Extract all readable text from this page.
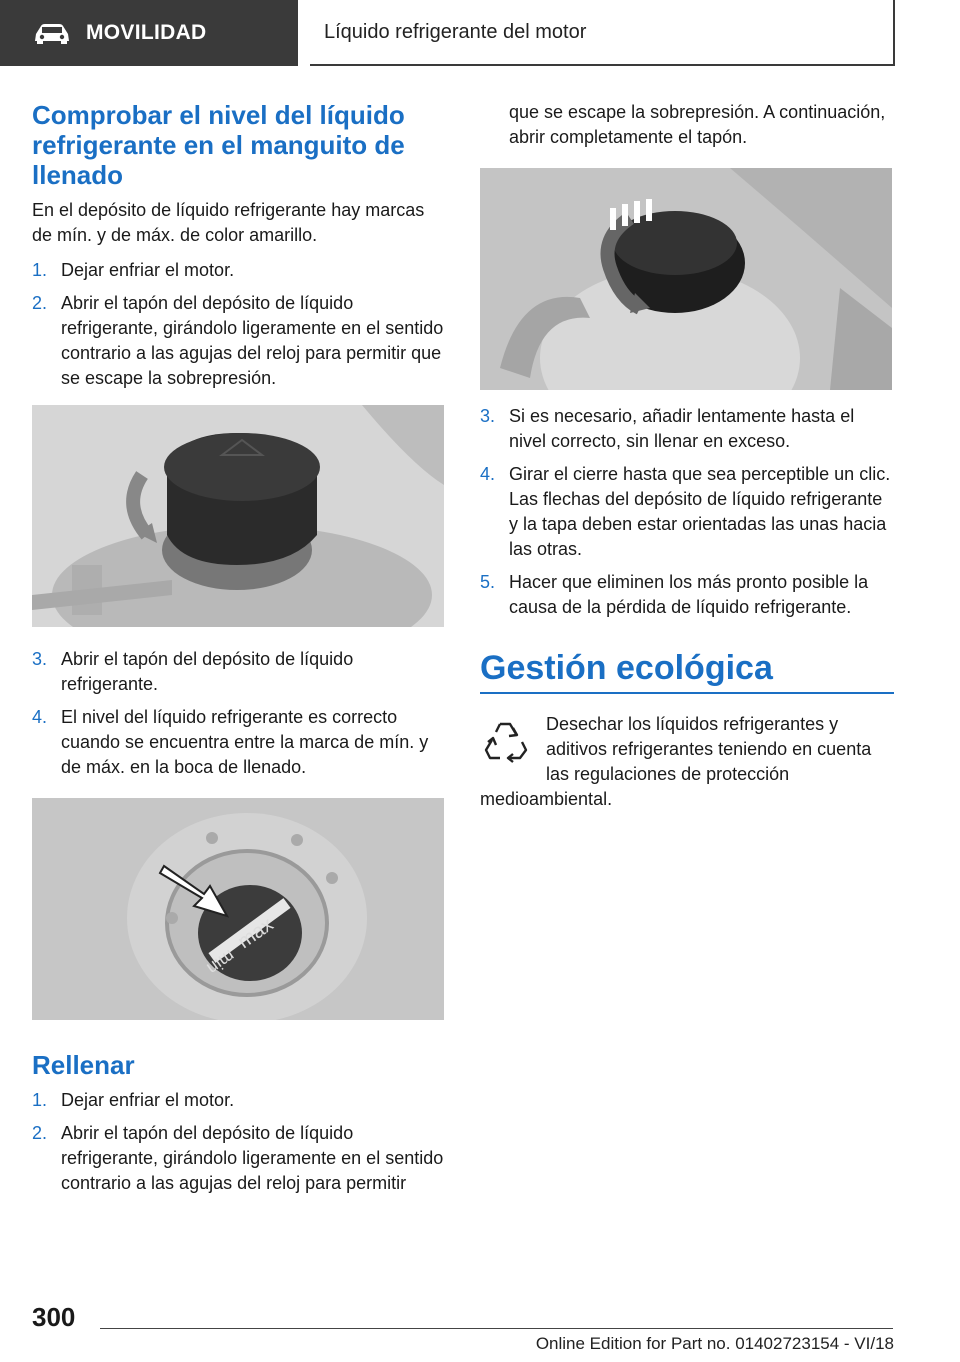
MOVILIDAD	Líquido refrigerante del motor
Comprobar el nivel del líquido refrigerante en el manguito de llenado

En el depósito de líquido refrigerante hay marcas de mín. y de máx. de color amarillo.

1. Dejar enfriar el motor.
2. Abrir el tapón del depósito de líquido refrigerante, girándolo ligeramente en el sentido contrario a las agujas del reloj para permitir que se escape la sobrepresión.
3. Abrir el tapón del depósito de líquido refrigerante.
4. El nivel del líquido refrigerante es correcto cuando se encuentra entre la marca de mín. y de máx. en la boca de llenado.
max
min
Rellenar
1. Dejar enfriar el motor.
2. Abrir el tapón del depósito de líquido refrigerante, girándolo ligeramente en el sentido contrario a las agujas del reloj para permitir
que se escape la sobrepresión. A continuación, abrir completamente el tapón.
3. Si es necesario, añadir lentamente hasta el nivel correcto, sin llenar en exceso.
4. Girar el cierre hasta que sea perceptible un clic. Las flechas del depósito de líquido refrigerante y la tapa deben estar orientadas las unas hacia las otras.
5. Hacer que eliminen los más pronto posible la causa de la pérdida de líquido refrigerante.
Gestión ecológica
Desechar los líquidos refrigerantes y aditivos refrigerantes teniendo en cuenta las regulaciones de protección medioambiental.
300
Online Edition for Part no. 01402723154 - VI/18
